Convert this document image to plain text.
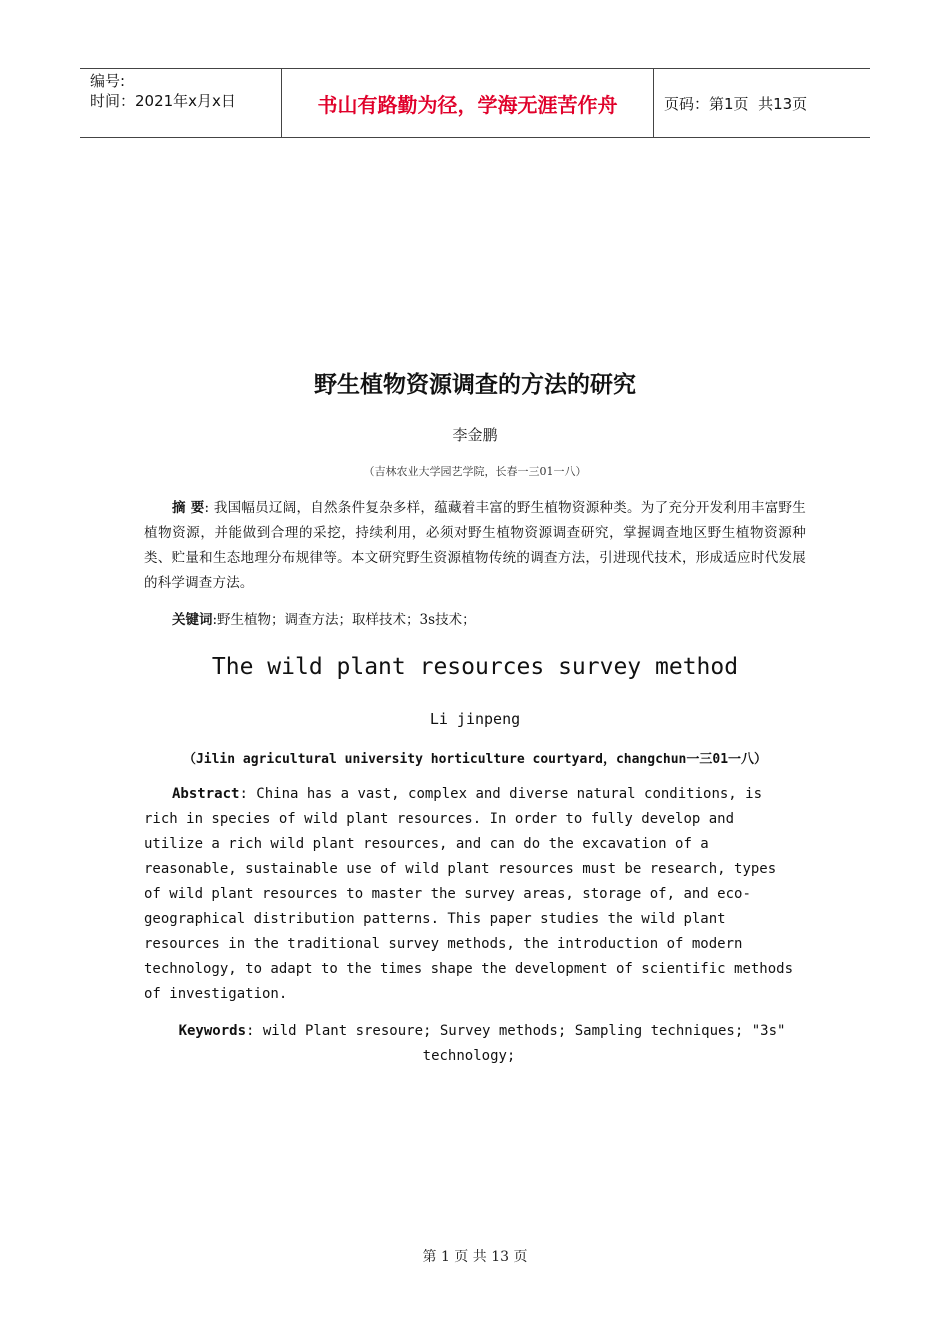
编号:
时间：2021年x月x日	书山有路勤为径，学海无涯苦作舟	页码：第1页  共13页
野生植物资源调查的方法的研究
李金鹏
（吉林农业大学园艺学院，长春一三01一八）
摘 要: 我国幅员辽阔，自然条件复杂多样，蕴藏着丰富的野生植物资源种类。为了充分开发利用丰富野生植物资源，并能做到合理的采挖，持续利用，必须对野生植物资源调查研究，掌握调查地区野生植物资源种类、贮量和生态地理分布规律等。本文研究野生资源植物传统的调查方法，引进现代技术，形成适应时代发展的科学调查方法。
关键词:野生植物；调查方法；取样技术；3s技术；
The wild plant resources survey method
Li jinpeng
（Jilin agricultural university horticulture courtyard，changchun一三01一八）
Abstract: China has a vast, complex and diverse natural conditions, is rich in species of wild plant resources. In order to fully develop and utilize a rich wild plant resources, and can do the excavation of a reasonable, sustainable use of wild plant resources must be research, types of wild plant resources to master the survey areas, storage of, and eco-geographical distribution patterns. This paper studies the wild plant resources in the traditional survey methods, the introduction of modern technology, to adapt to the times shape the development of scientific methods of investigation.
Keywords: wild Plant sresoure; Survey methods; Sampling techniques; "3s" technology;
第 1 页 共 13 页
